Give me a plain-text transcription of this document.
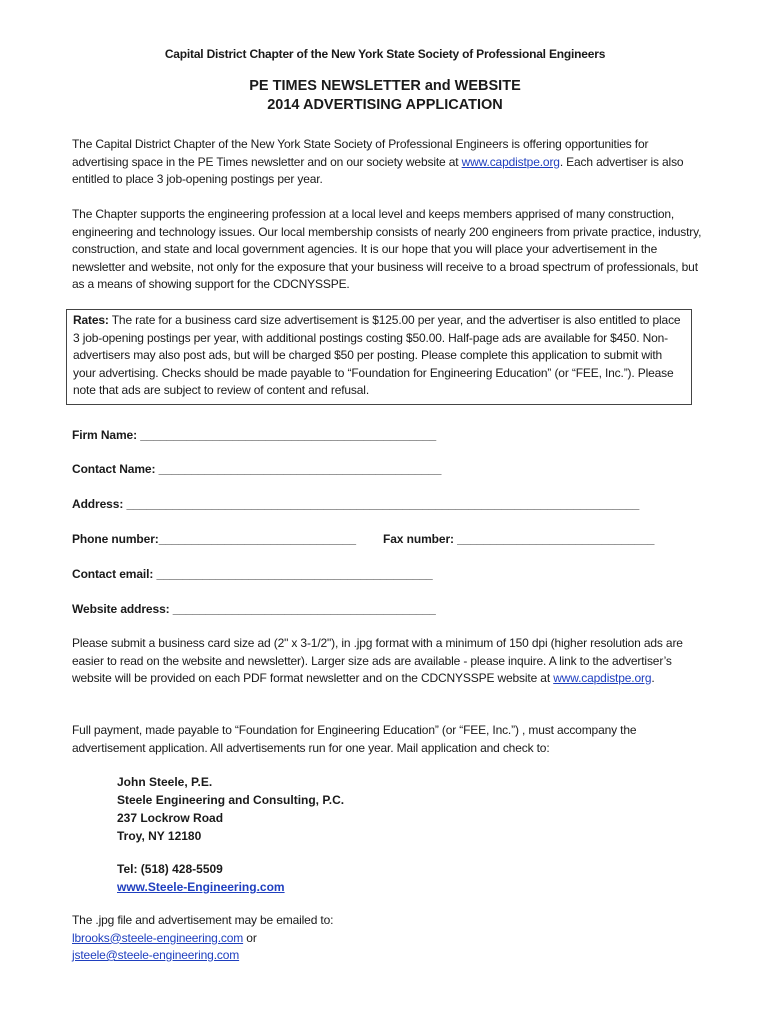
Capital District Chapter of the New York State Society of Professional Engineers
PE TIMES NEWSLETTER and WEBSITE
2014 ADVERTISING APPLICATION

The Capital District Chapter of the New York State Society of Professional Engineers is offering opportunities for advertising space in the PE Times newsletter and on our society website at www.capdistpe.org. Each advertiser is also entitled to place 3 job-opening postings per year.

The Chapter supports the engineering profession at a local level and keeps members apprised of many construction, engineering and technology issues. Our local membership consists of nearly 200 engineers from private practice, industry, construction, and state and local government agencies. It is our hope that you will place your advertisement in the newsletter and website, not only for the exposure that your business will receive to a broad spectrum of professionals, but as a means of showing support for the CDCNYSSPE.

Rates: The rate for a business card size advertisement is $125.00 per year, and the advertiser is also entitled to place 3 job-opening postings per year, with additional postings costing $50.00. Half-page ads are available for $450. Non-advertisers may also post ads, but will be charged $50 per posting. Please complete this application to submit with your advertising. Checks should be made payable to “Foundation for Engineering Education” (or “FEE, Inc.”). Please note that ads are subject to review of content and refusal.
Firm Name: _____________________________________________
Contact Name: ___________________________________________
Address: ______________________________________________________________________________
Phone number:______________________________ Fax number: ______________________________
Contact email: __________________________________________
Website address: ________________________________________

Please submit a business card size ad (2" x 3-1/2"), in .jpg format with a minimum of 150 dpi (higher resolution ads are easier to read on the website and newsletter). Larger size ads are available - please inquire. A link to the advertiser’s website will be provided on each PDF format newsletter and on the CDCNYSSPE website at www.capdistpe.org.

Full payment, made payable to “Foundation for Engineering Education” (or “FEE, Inc.”) , must accompany the advertisement application. All advertisements run for one year. Mail application and check to:

John Steele, P.E.
Steele Engineering and Consulting, P.C.
237 Lockrow Road
Troy, NY 12180
Tel: (518) 428-5509
www.Steele-Engineering.com

The .jpg file and advertisement may be emailed to:
lbrooks@steele-engineering.com or
jsteele@steele-engineering.com
